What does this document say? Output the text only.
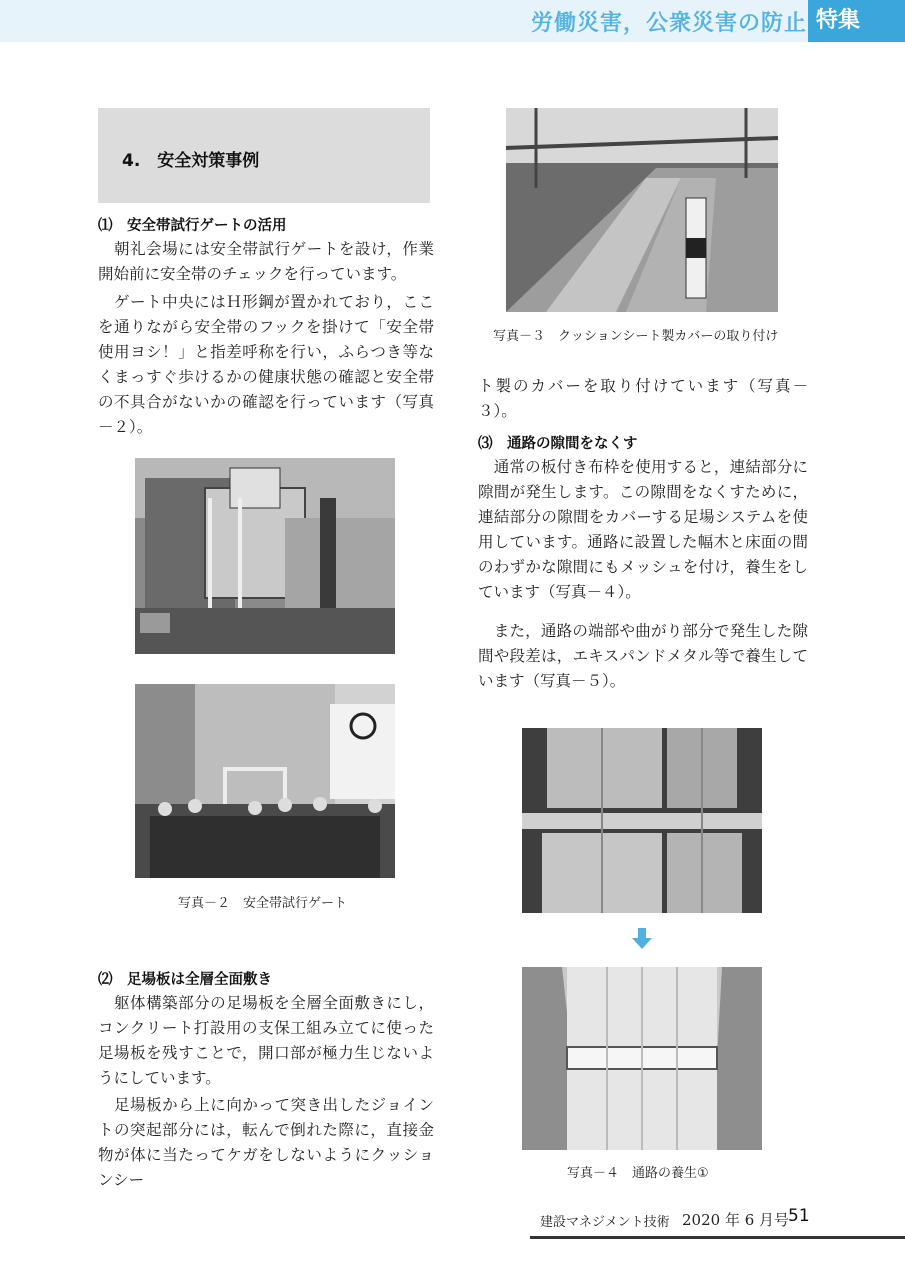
労働災害，公衆災害の防止 特集
4.　安全対策事例
⑴　安全帯試行ゲートの活用

　朝礼会場には安全帯試行ゲートを設け，作業開始前に安全帯のチェックを行っています。

　ゲート中央にはＨ形鋼が置かれており，ここを通りながら安全帯のフックを掛けて「安全帯使用ヨシ！」と指差呼称を行い，ふらつき等なくまっすぐ歩けるかの健康状態の確認と安全帯の不具合がないかの確認を行っています（写真－２）。

写真－２　安全帯試行ゲート
⑵　足場板は全層全面敷き

　躯体構築部分の足場板を全層全面敷きにし，コンクリート打設用の支保工組み立てに使った足場板を残すことで，開口部が極力生じないようにしています。

　足場板から上に向かって突き出したジョイントの突起部分には，転んで倒れた際に，直接金物が体に当たってケガをしないようにクッションシー

写真－３　クッションシート製カバーの取り付け

ト製のカバーを取り付けています（写真－３）。

⑶　通路の隙間をなくす

　通常の板付き布枠を使用すると，連結部分に隙間が発生します。この隙間をなくすために，連結部分の隙間をカバーする足場システムを使用しています。通路に設置した幅木と床面の間のわずかな隙間にもメッシュを付け，養生をしています（写真－４）。

　また，通路の端部や曲がり部分で発生した隙間や段差は，エキスパンドメタル等で養生しています（写真－５）。

写真－４　通路の養生①
建設マネジメント技術 2020 年 6 月号
51
